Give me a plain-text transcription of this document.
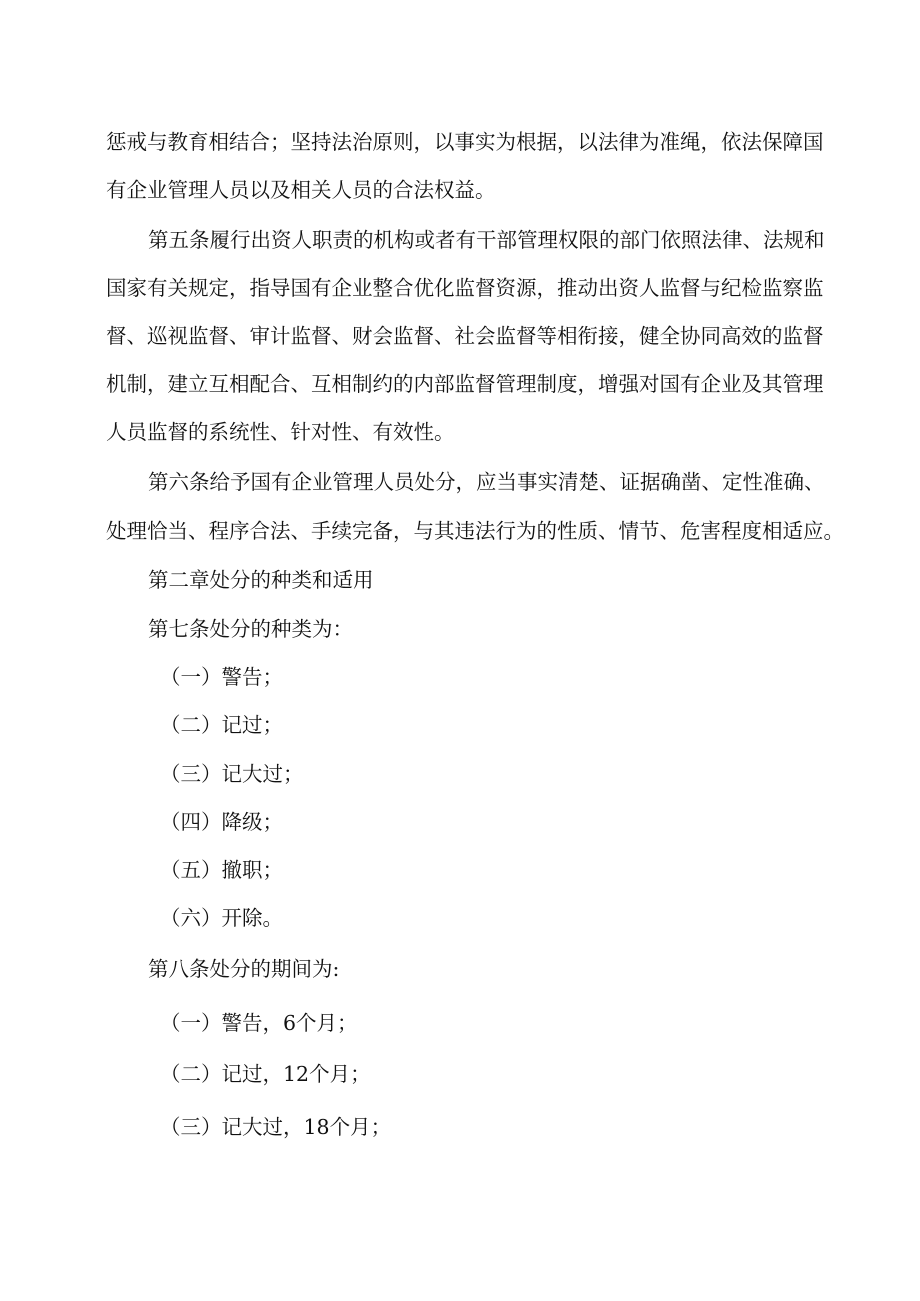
惩戒与教育相结合；坚持法治原则，以事实为根据，以法律为准绳，依法保障国
有企业管理人员以及相关人员的合法权益。
第五条履行出资人职责的机构或者有干部管理权限的部门依照法律、法规和
国家有关规定，指导国有企业整合优化监督资源，推动出资人监督与纪检监察监
督、巡视监督、审计监督、财会监督、社会监督等相衔接，健全协同高效的监督
机制，建立互相配合、互相制约的内部监督管理制度，增强对国有企业及其管理
人员监督的系统性、针对性、有效性。
第六条给予国有企业管理人员处分，应当事实清楚、证据确凿、定性准确、
处理恰当、程序合法、手续完备，与其违法行为的性质、情节、危害程度相适应。
第二章处分的种类和适用
第七条处分的种类为：
（一）警告；
（二）记过；
（三）记大过；
（四）降级；
（五）撤职；
（六）开除。
第八条处分的期间为:
（一）警告，6个月；
（二）记过，12个月；
（三）记大过，18个月；
